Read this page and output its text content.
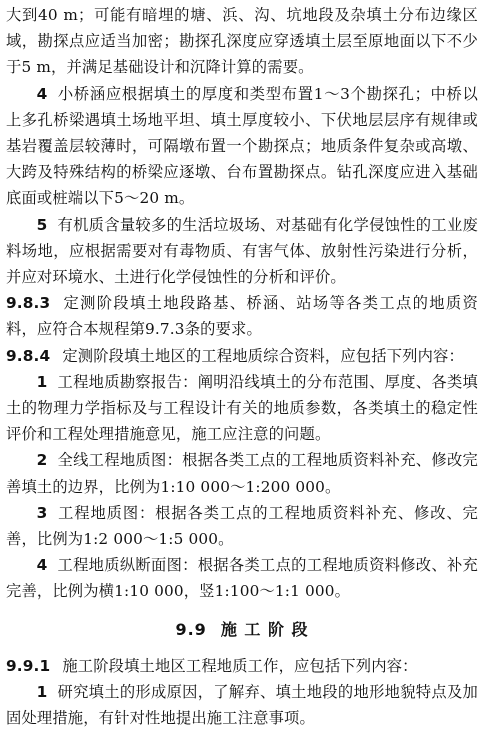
大到40 m；可能有暗埋的塘、浜、沟、坑地段及杂填土分布边缘区域，勘探点应适当加密；勘探孔深度应穿透填土层至原地面以下不少于5 m，并满足基础设计和沉降计算的需要。

4 小桥涵应根据填土的厚度和类型布置1～3个勘探孔；中桥以上多孔桥梁遇填土场地平坦、填土厚度较小、下伏地层层序有规律或基岩覆盖层较薄时，可隔墩布置一个勘探点；地质条件复杂或高墩、大跨及特殊结构的桥梁应逐墩、台布置勘探点。钻孔深度应进入基础底面或桩端以下5～20 m。

5 有机质含量较多的生活垃圾场、对基础有化学侵蚀性的工业废料场地，应根据需要对有毒物质、有害气体、放射性污染进行分析，并应对环境水、土进行化学侵蚀性的分析和评价。

9.8.3 定测阶段填土地段路基、桥涵、站场等各类工点的地质资料，应符合本规程第9.7.3条的要求。

9.8.4 定测阶段填土地区的工程地质综合资料，应包括下列内容：

1 工程地质勘察报告：阐明沿线填土的分布范围、厚度、各类填土的物理力学指标及与工程设计有关的地质参数，各类填土的稳定性评价和工程处理措施意见，施工应注意的问题。

2 全线工程地质图：根据各类工点的工程地质资料补充、修改完善填土的边界，比例为1:10 000～1:200 000。

3 工程地质图：根据各类工点的工程地质资料补充、修改、完善，比例为1:2 000～1:5 000。

4 工程地质纵断面图：根据各类工点的工程地质资料修改、补充完善，比例为横1:10 000，竖1:100～1:1 000。

9.9 施 工 阶 段

9.9.1 施工阶段填土地区工程地质工作，应包括下列内容：

1 研究填土的形成原因，了解弃、填土地段的地形地貌特点及加固处理措施，有针对性地提出施工注意事项。
